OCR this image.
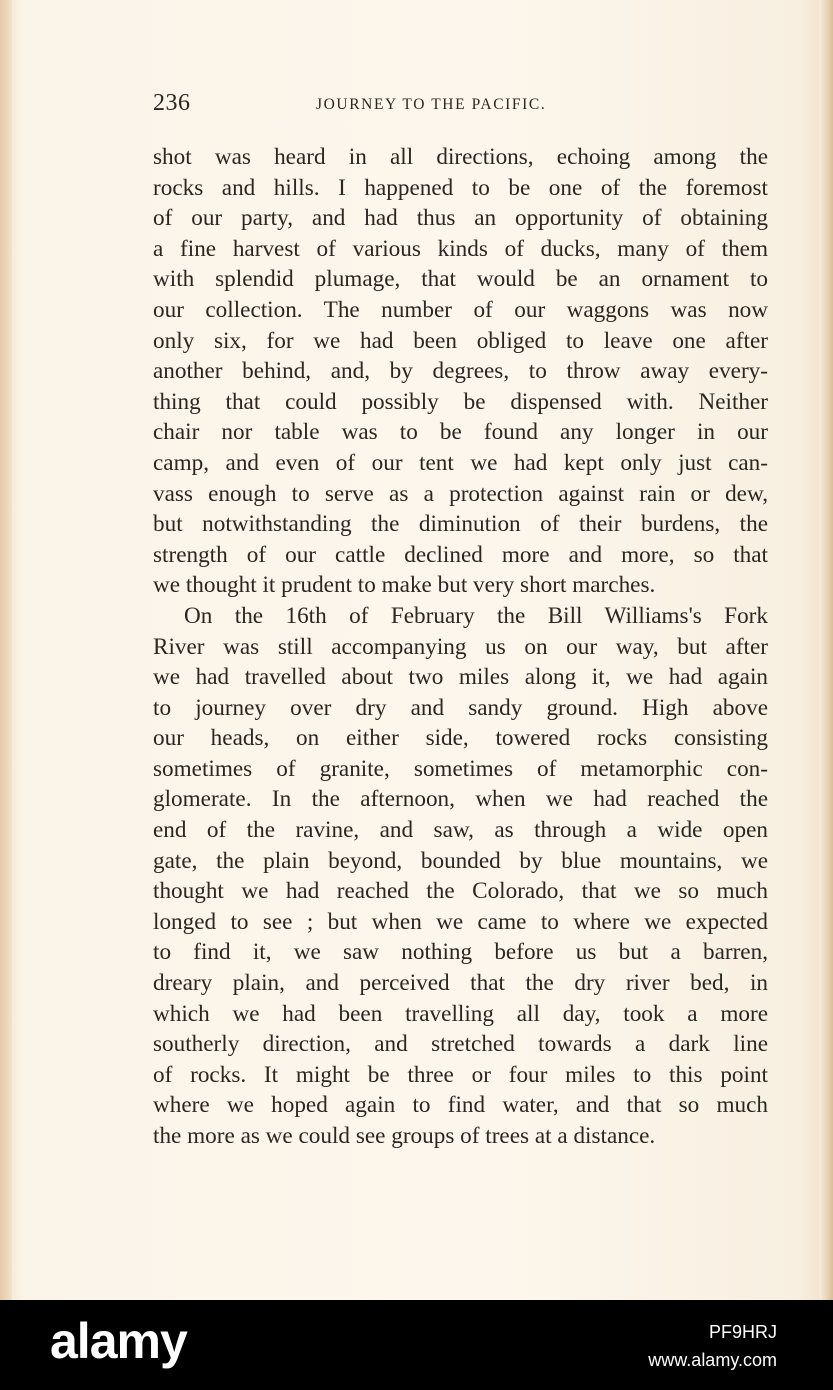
236	JOURNEY TO THE PACIFIC.
shot was heard in all directions, echoing among the
rocks and hills. I happened to be one of the foremost
of our party, and had thus an opportunity of obtaining
a fine harvest of various kinds of ducks, many of them
with splendid plumage, that would be an ornament to
our collection. The number of our waggons was now
only six, for we had been obliged to leave one after
another behind, and, by degrees, to throw away every-
thing that could possibly be dispensed with. Neither
chair nor table was to be found any longer in our
camp, and even of our tent we had kept only just can-
vass enough to serve as a protection against rain or dew,
but notwithstanding the diminution of their burdens, the
strength of our cattle declined more and more, so that
we thought it prudent to make but very short marches.
On the 16th of February the Bill Williams's Fork
River was still accompanying us on our way, but after
we had travelled about two miles along it, we had again
to journey over dry and sandy ground. High above
our heads, on either side, towered rocks consisting
sometimes of granite, sometimes of metamorphic con-
glomerate. In the afternoon, when we had reached the
end of the ravine, and saw, as through a wide open
gate, the plain beyond, bounded by blue mountains, we
thought we had reached the Colorado, that we so much
longed to see ; but when we came to where we expected
to find it, we saw nothing before us but a barren,
dreary plain, and perceived that the dry river bed, in
which we had been travelling all day, took a more
southerly direction, and stretched towards a dark line
of rocks. It might be three or four miles to this point
where we hoped again to find water, and that so much
the more as we could see groups of trees at a distance.
alamy	PF9HRJ
www.alamy.com
